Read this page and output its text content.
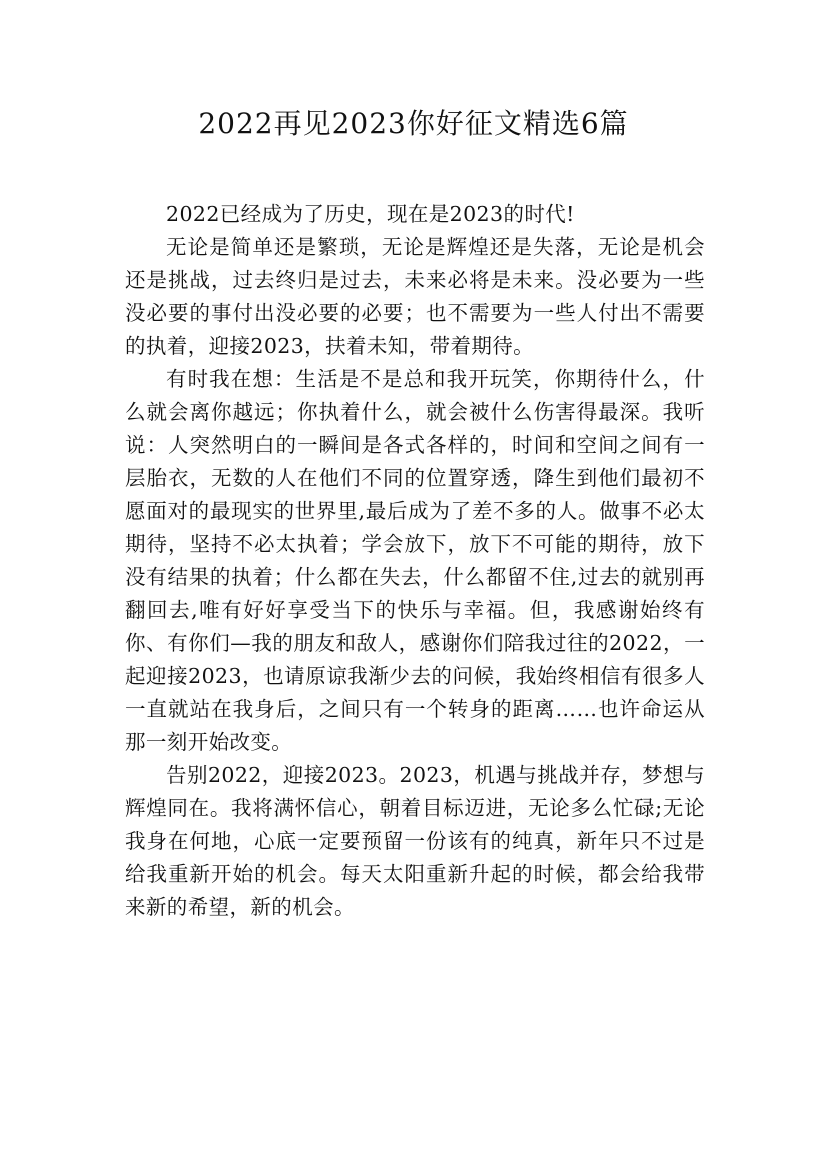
2022再见2023你好征文精选6篇

2022已经成为了历史，现在是2023的时代!

无论是简单还是繁琐，无论是辉煌还是失落，无论是机会还是挑战，过去终归是过去，未来必将是未来。没必要为一些没必要的事付出没必要的必要；也不需要为一些人付出不需要的执着，迎接2023，扶着未知，带着期待。

有时我在想：生活是不是总和我开玩笑，你期待什么，什么就会离你越远；你执着什么，就会被什么伤害得最深。我听说：人突然明白的一瞬间是各式各样的，时间和空间之间有一层胎衣，无数的人在他们不同的位置穿透，降生到他们最初不愿面对的最现实的世界里,最后成为了差不多的人。做事不必太期待，坚持不必太执着；学会放下，放下不可能的期待，放下没有结果的执着；什么都在失去，什么都留不住,过去的就别再翻回去,唯有好好享受当下的快乐与幸福。但，我感谢始终有你、有你们—我的朋友和敌人，感谢你们陪我过往的2022，一起迎接2023，也请原谅我渐少去的问候，我始终相信有很多人一直就站在我身后，之间只有一个转身的距离……也许命运从那一刻开始改变。

告别2022，迎接2023。2023，机遇与挑战并存，梦想与辉煌同在。我将满怀信心，朝着目标迈进，无论多么忙碌;无论我身在何地，心底一定要预留一份该有的纯真，新年只不过是给我重新开始的机会。每天太阳重新升起的时候，都会给我带来新的希望，新的机会。
